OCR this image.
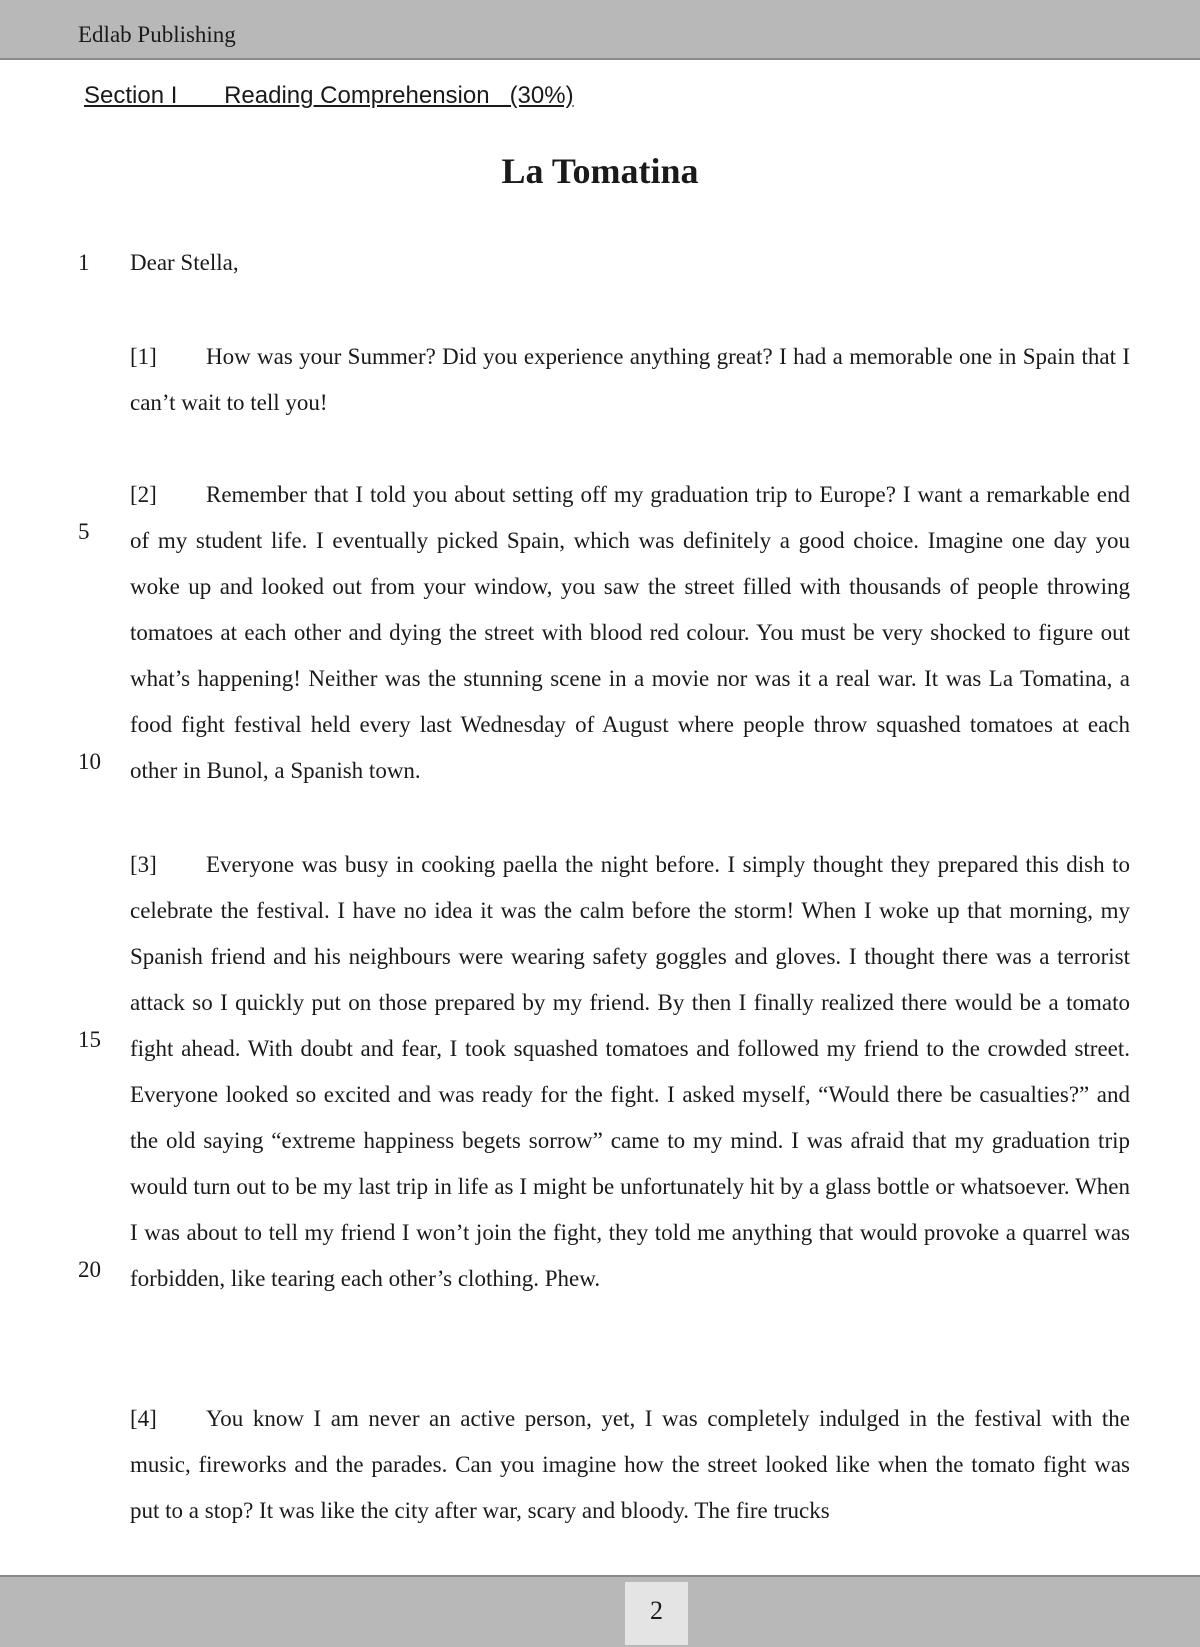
Edlab Publishing
Section I       Reading Comprehension   (30%)
La Tomatina
1
5
10
15
20
Dear Stella,
[1] How was your Summer? Did you experience anything great? I had a memorable one in Spain that I can’t wait to tell you!
[2] Remember that I told you about setting off my graduation trip to Europe? I want a remarkable end of my student life. I eventually picked Spain, which was definitely a good choice. Imagine one day you woke up and looked out from your window, you saw the street filled with thousands of people throwing tomatoes at each other and dying the street with blood red colour. You must be very shocked to figure out what’s happening! Neither was the stunning scene in a movie nor was it a real war. It was La Tomatina, a food fight festival held every last Wednesday of August where people throw squashed tomatoes at each other in Bunol, a Spanish town.
[3] Everyone was busy in cooking paella the night before. I simply thought they prepared this dish to celebrate the festival. I have no idea it was the calm before the storm! When I woke up that morning, my Spanish friend and his neighbours were wearing safety goggles and gloves. I thought there was a terrorist attack so I quickly put on those prepared by my friend. By then I finally realized there would be a tomato fight ahead. With doubt and fear, I took squashed tomatoes and followed my friend to the crowded street. Everyone looked so excited and was ready for the fight. I asked myself, “Would there be casualties?” and the old saying “extreme happiness begets sorrow” came to my mind. I was afraid that my graduation trip would turn out to be my last trip in life as I might be unfortunately hit by a glass bottle or whatsoever. When I was about to tell my friend I won’t join the fight, they told me anything that would provoke a quarrel was forbidden, like tearing each other’s clothing. Phew.
[4] You know I am never an active person, yet, I was completely indulged in the festival with the music, fireworks and the parades. Can you imagine how the street looked like when the tomato fight was put to a stop? It was like the city after war, scary and bloody. The fire trucks
2
